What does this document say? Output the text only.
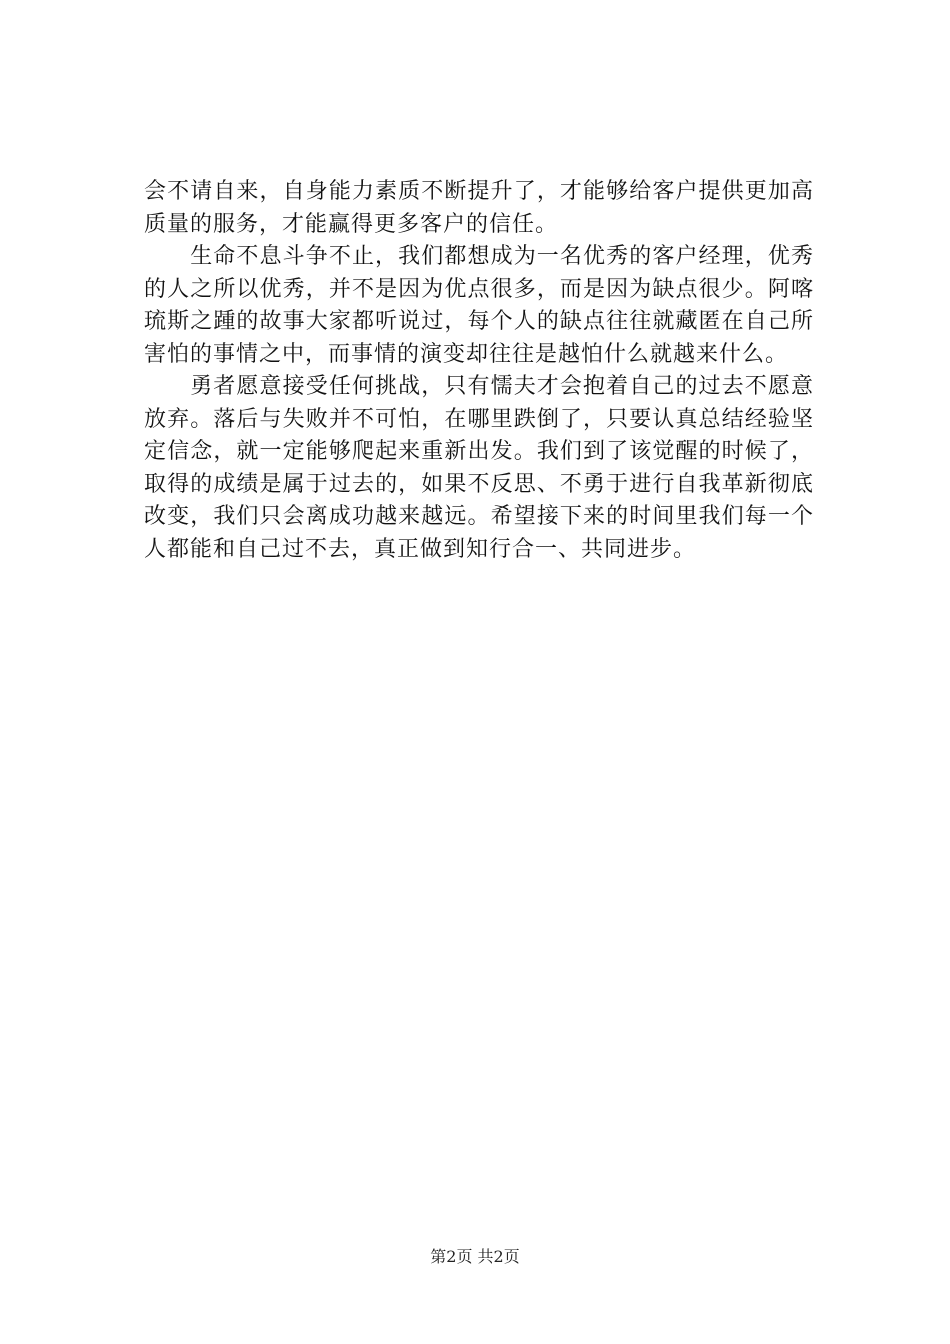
会不请自来，自身能力素质不断提升了，才能够给客户提供更加高质量的服务，才能赢得更多客户的信任。

生命不息斗争不止，我们都想成为一名优秀的客户经理，优秀的人之所以优秀，并不是因为优点很多，而是因为缺点很少。阿喀琉斯之踵的故事大家都听说过，每个人的缺点往往就藏匿在自己所害怕的事情之中，而事情的演变却往往是越怕什么就越来什么。

勇者愿意接受任何挑战，只有懦夫才会抱着自己的过去不愿意放弃。落后与失败并不可怕，在哪里跌倒了，只要认真总结经验坚定信念，就一定能够爬起来重新出发。我们到了该觉醒的时候了，取得的成绩是属于过去的，如果不反思、不勇于进行自我革新彻底改变，我们只会离成功越来越远。希望接下来的时间里我们每一个人都能和自己过不去，真正做到知行合一、共同进步。

第2页 共2页
